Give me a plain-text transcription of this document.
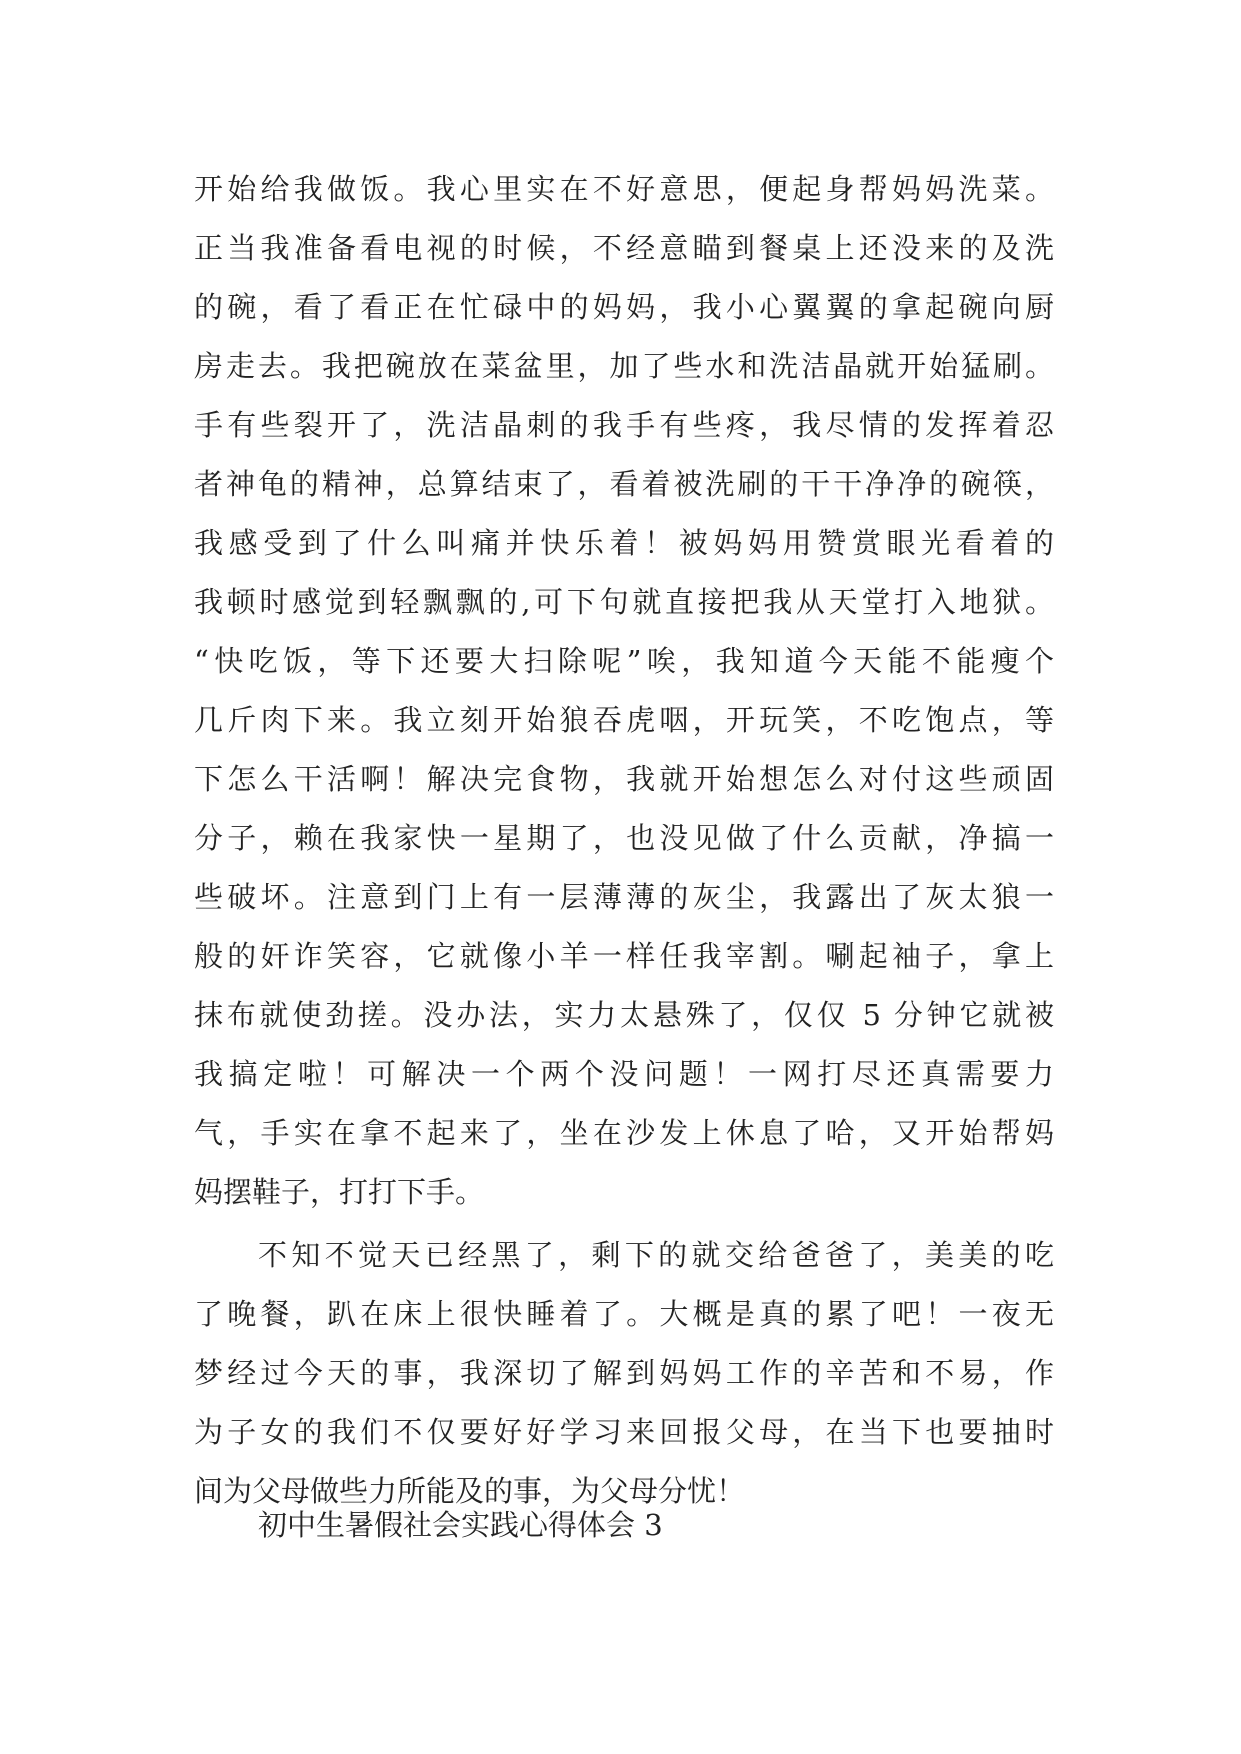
开始给我做饭。我心里实在不好意思，便起身帮妈妈洗菜。
正当我准备看电视的时候，不经意瞄到餐桌上还没来的及洗
的碗，看了看正在忙碌中的妈妈，我小心翼翼的拿起碗向厨
房走去。我把碗放在菜盆里，加了些水和洗洁晶就开始猛刷。
手有些裂开了，洗洁晶刺的我手有些疼，我尽情的发挥着忍
者神龟的精神，总算结束了，看着被洗刷的干干净净的碗筷，
我感受到了什么叫痛并快乐着！被妈妈用赞赏眼光看着的
我顿时感觉到轻飘飘的,可下句就直接把我从天堂打入地狱。
“快吃饭，等下还要大扫除呢”唉，我知道今天能不能瘦个
几斤肉下来。我立刻开始狼吞虎咽，开玩笑，不吃饱点，等
下怎么干活啊！解决完食物，我就开始想怎么对付这些顽固
分子，赖在我家快一星期了，也没见做了什么贡献，净搞一
些破坏。注意到门上有一层薄薄的灰尘，我露出了灰太狼一
般的奸诈笑容，它就像小羊一样任我宰割。唰起袖子，拿上
抹布就使劲搓。没办法，实力太悬殊了，仅仅 5 分钟它就被
我搞定啦！可解决一个两个没问题！一网打尽还真需要力
气，手实在拿不起来了，坐在沙发上休息了哈，又开始帮妈
妈摆鞋子，打打下手。
不知不觉天已经黑了，剩下的就交给爸爸了，美美的吃
了晚餐，趴在床上很快睡着了。大概是真的累了吧！一夜无
梦经过今天的事，我深切了解到妈妈工作的辛苦和不易，作
为子女的我们不仅要好好学习来回报父母，在当下也要抽时
间为父母做些力所能及的事，为父母分忧！
初中生暑假社会实践心得体会 3
